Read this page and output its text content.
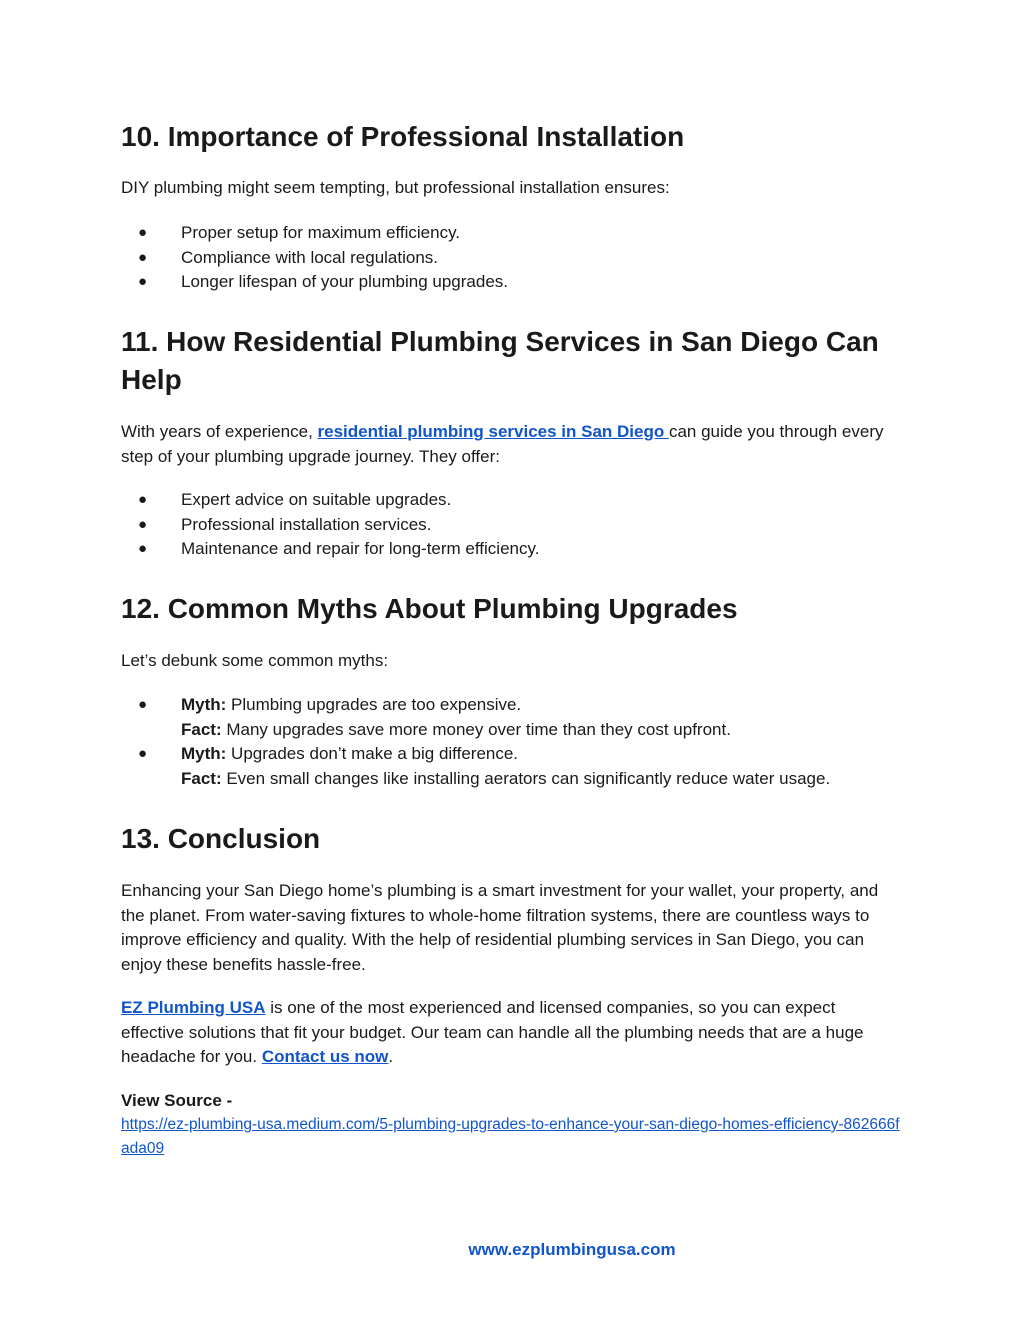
10. Importance of Professional Installation

DIY plumbing might seem tempting, but professional installation ensures:

● Proper setup for maximum efficiency.
● Compliance with local regulations.
● Longer lifespan of your plumbing upgrades.
11. How Residential Plumbing Services in San Diego Can Help

With years of experience, residential plumbing services in San Diego can guide you through every step of your plumbing upgrade journey. They offer:

● Expert advice on suitable upgrades.
● Professional installation services.
● Maintenance and repair for long-term efficiency.
12. Common Myths About Plumbing Upgrades

Let’s debunk some common myths:

● Myth: Plumbing upgrades are too expensive.
Fact: Many upgrades save more money over time than they cost upfront.
● Myth: Upgrades don’t make a big difference.
Fact: Even small changes like installing aerators can significantly reduce water usage.
13. Conclusion

Enhancing your San Diego home’s plumbing is a smart investment for your wallet, your property, and the planet. From water-saving fixtures to whole-home filtration systems, there are countless ways to improve efficiency and quality. With the help of residential plumbing services in San Diego, you can enjoy these benefits hassle-free.

EZ Plumbing USA is one of the most experienced and licensed companies, so you can expect effective solutions that fit your budget. Our team can handle all the plumbing needs that are a huge headache for you. Contact us now.

View Source -

https://ez-plumbing-usa.medium.com/5-plumbing-upgrades-to-enhance-your-san-diego-homes-efficiency-862666fada09

www.ezplumbingusa.com
